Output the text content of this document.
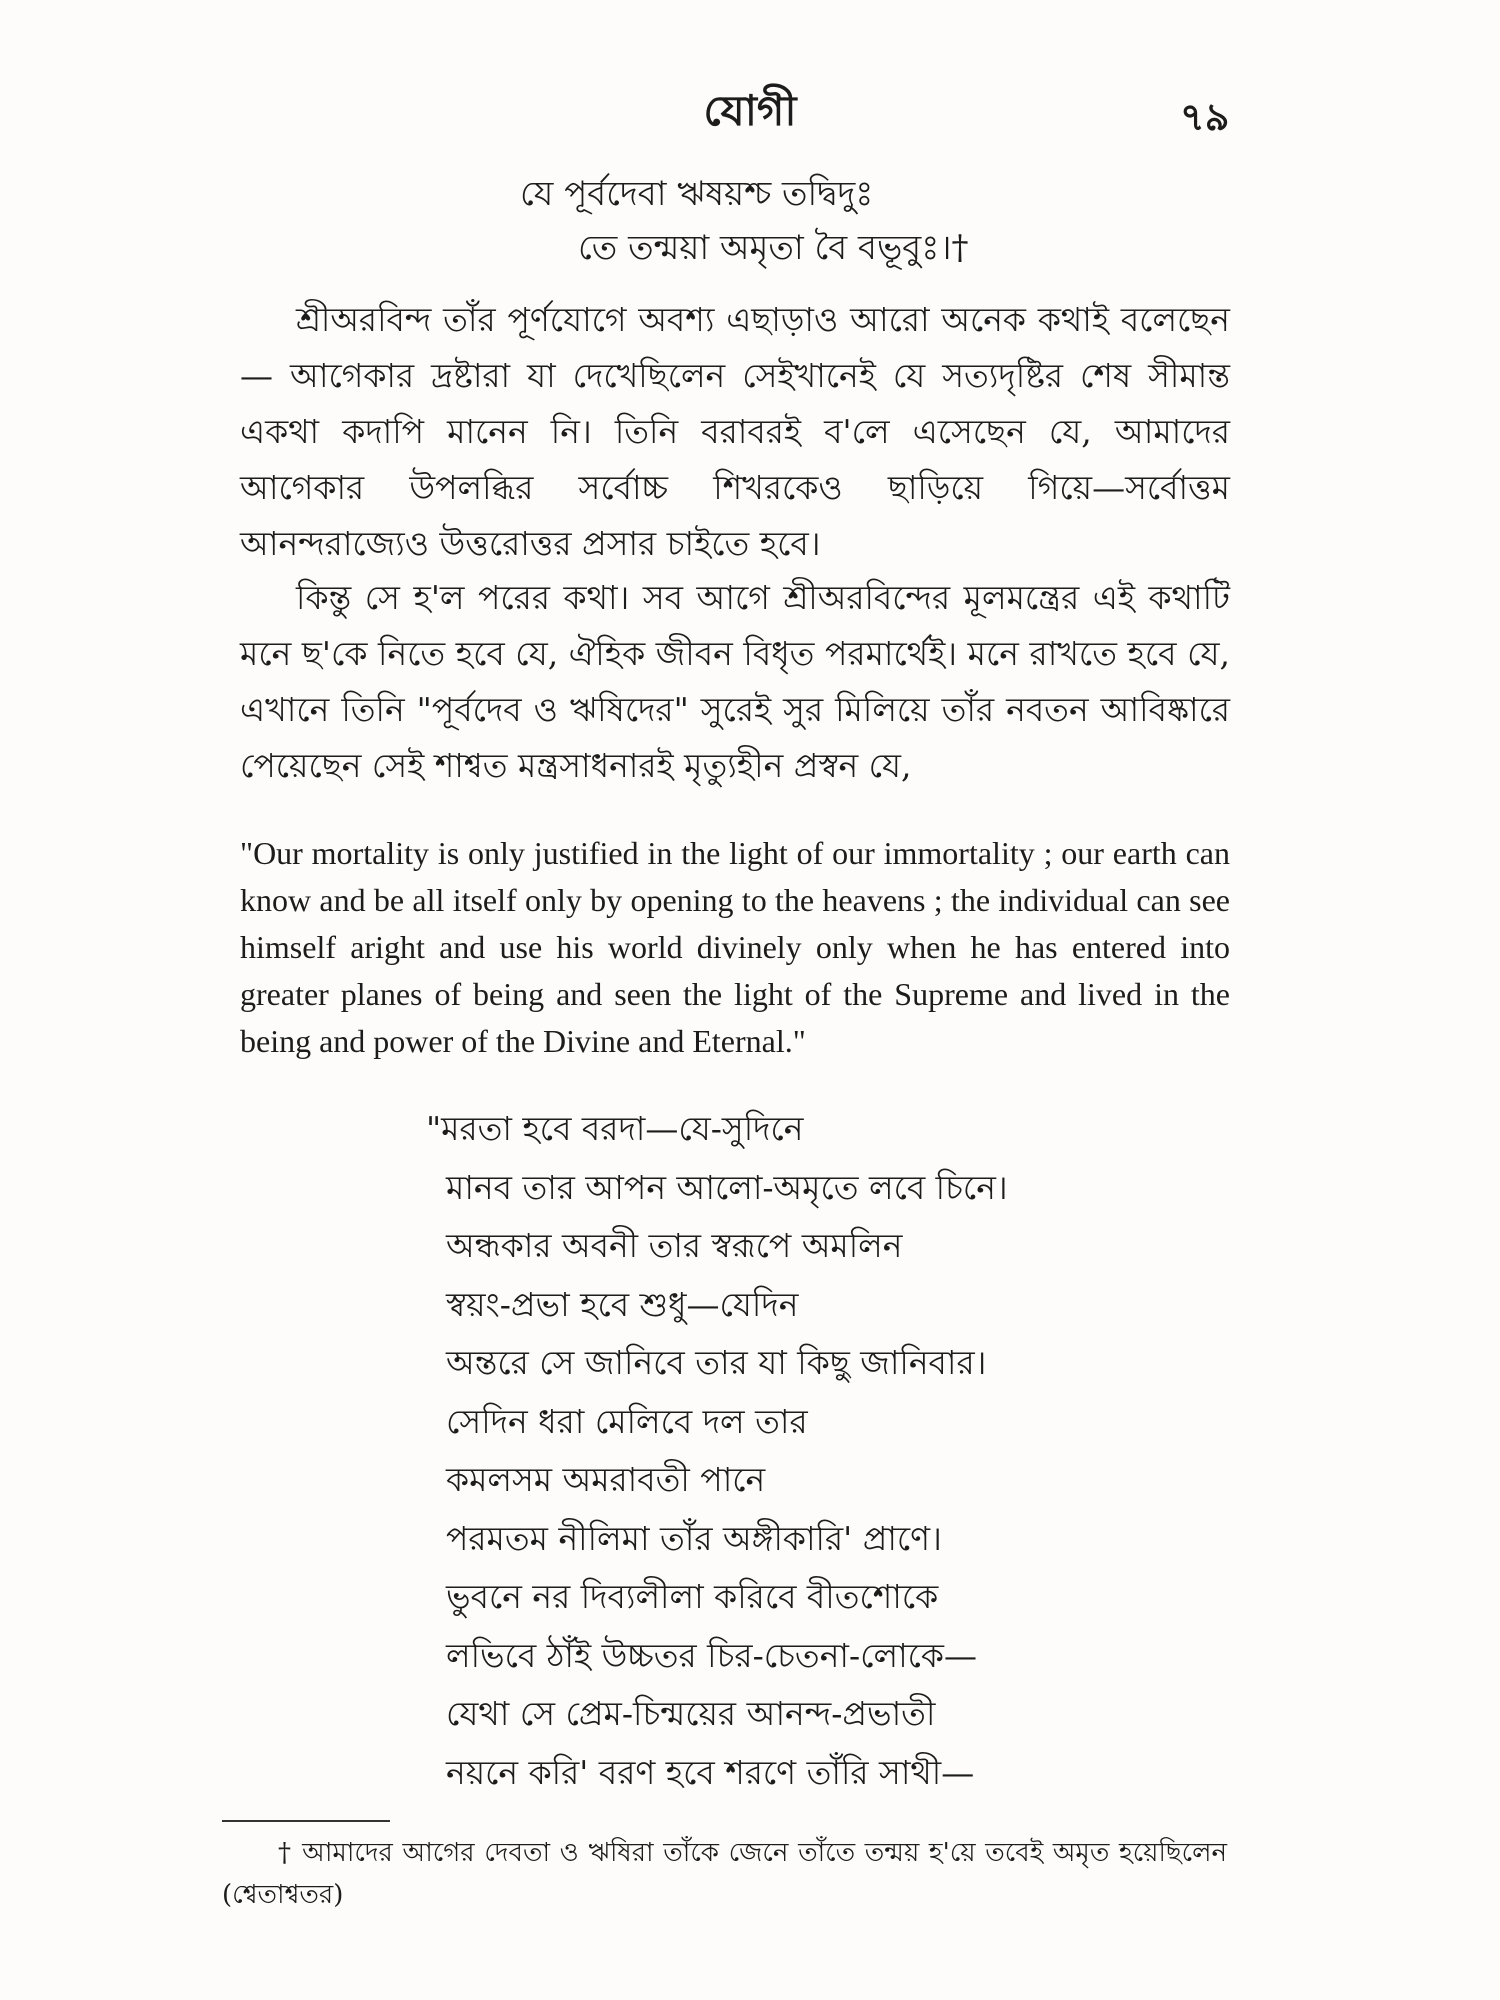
যোগী	৭৯
যে পূর্বদেবা ঋষয়শ্চ তদ্বিদুঃ
তে তন্ময়া অমৃতা বৈ বভূবুঃ।†

শ্রীঅরবিন্দ তাঁর পূর্ণযোগে অবশ্য এছাড়াও আরো অনেক কথাই বলেছেন— আগেকার দ্রষ্টারা যা দেখেছিলেন সেইখানেই যে সত্যদৃষ্টির শেষ সীমান্ত একথা কদাপি মানেন নি। তিনি বরাবরই ব'লে এসেছেন যে, আমাদের আগেকার উপলব্ধির সর্বোচ্চ শিখরকেও ছাড়িয়ে গিয়ে—সর্বোত্তম আনন্দরাজ্যেও উত্তরোত্তর প্রসার চাইতে হবে।

কিন্তু সে হ'ল পরের কথা। সব আগে শ্রীঅরবিন্দের মূলমন্ত্রের এই কথাটি মনে ছ'কে নিতে হবে যে, ঐহিক জীবন বিধৃত পরমার্থেই। মনে রাখতে হবে যে, এখানে তিনি "পূর্বদেব ও ঋষিদের" সুরেই সুর মিলিয়ে তাঁর নবতন আবিষ্কারে পেয়েছেন সেই শাশ্বত মন্ত্রসাধনারই মৃত্যুহীন প্রস্বন যে,

"Our mortality is only justified in the light of our immortality ; our earth can know and be all itself only by opening to the heavens ; the individual can see himself aright and use his world divinely only when he has entered into greater planes of being and seen the light of the Supreme and lived in the being and power of the Divine and Eternal."

"মরতা হবে বরদা—যে-সুদিনে
মানব তার আপন আলো-অমৃতে লবে চিনে।
অন্ধকার অবনী তার স্বরূপে অমলিন
স্বয়ং-প্রভা হবে শুধু—যেদিন
অন্তরে সে জানিবে তার যা কিছু জানিবার।
সেদিন ধরা মেলিবে দল তার
কমলসম অমরাবতী পানে
পরমতম নীলিমা তাঁর অঙ্গীকারি' প্রাণে।
ভুবনে নর দিব্যলীলা করিবে বীতশোকে
লভিবে ঠাঁই উচ্চতর চির-চেতনা-লোকে—
যেথা সে প্রেম-চিন্ময়ের আনন্দ-প্রভাতী
নয়নে করি' বরণ হবে শরণে তাঁরি সাথী—

† আমাদের আগের দেবতা ও ঋষিরা তাঁকে জেনে তাঁতে তন্ময় হ'য়ে তবেই অমৃত হয়েছিলেন (শ্বেতাশ্বতর)
